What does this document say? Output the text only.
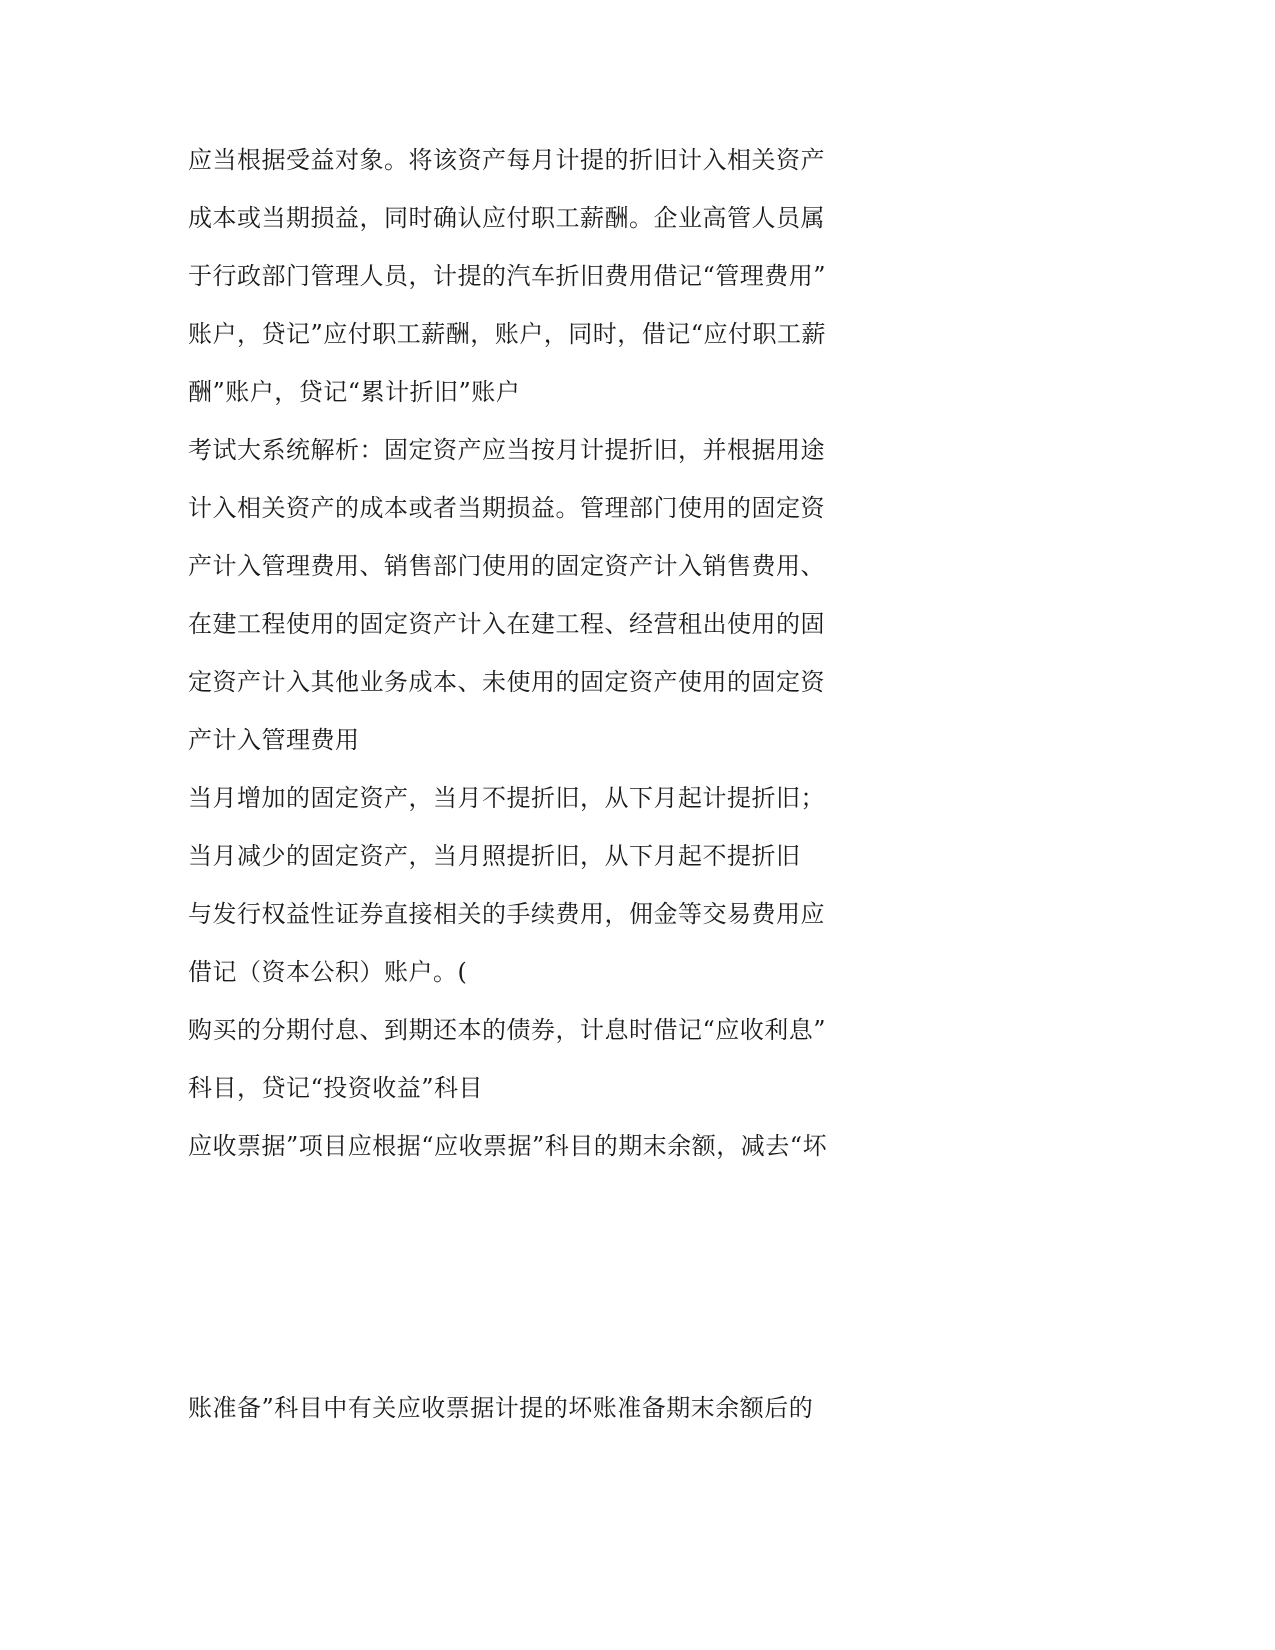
应当根据受益对象。将该资产每月计提的折旧计入相关资产
成本或当期损益，同时确认应付职工薪酬。企业高管人员属
于行政部门管理人员，计提的汽车折旧费用借记“管理费用”
账户，贷记”应付职工薪酬，账户，同时，借记“应付职工薪
酬”账户，贷记“累计折旧”账户
考试大系统解析：固定资产应当按月计提折旧，并根据用途
计入相关资产的成本或者当期损益。管理部门使用的固定资
产计入管理费用、销售部门使用的固定资产计入销售费用、
在建工程使用的固定资产计入在建工程、经营租出使用的固
定资产计入其他业务成本、未使用的固定资产使用的固定资
产计入管理费用
当月增加的固定资产，当月不提折旧，从下月起计提折旧；
当月减少的固定资产，当月照提折旧，从下月起不提折旧
与发行权益性证券直接相关的手续费用，佣金等交易费用应
借记（资本公积）账户。(
购买的分期付息、到期还本的债券，计息时借记“应收利息”
科目，贷记“投资收益”科目
应收票据”项目应根据“应收票据”科目的期末余额，减去“坏
账准备”科目中有关应收票据计提的坏账准备期末余额后的
